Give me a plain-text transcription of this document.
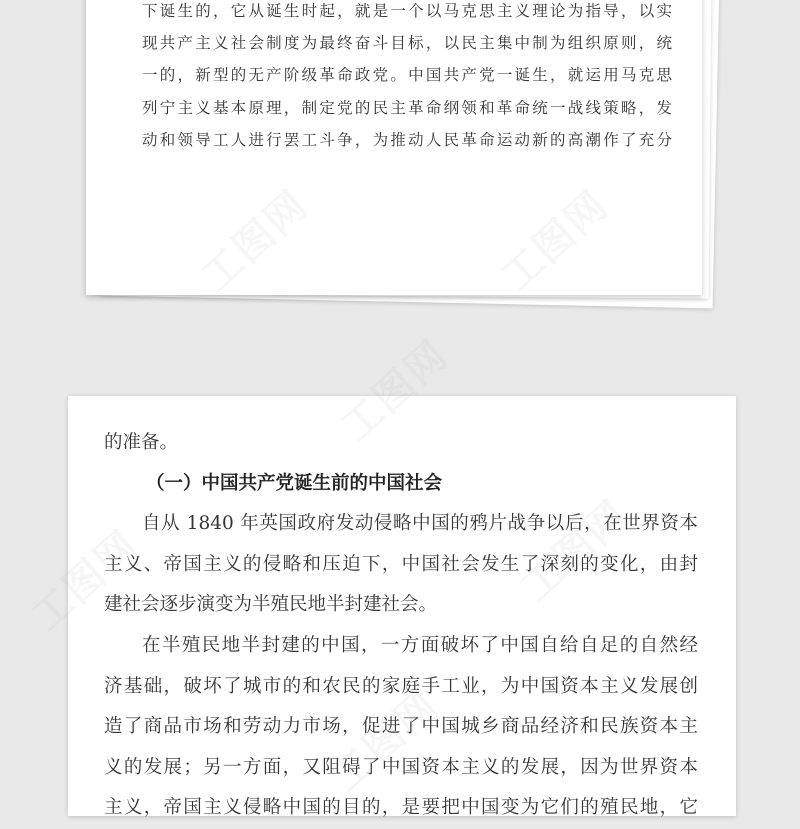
下诞生的，它从诞生时起，就是一个以马克思主义理论为指导，以实
现共产主义社会制度为最终奋斗目标，以民主集中制为组织原则，统
一的，新型的无产阶级革命政党。中国共产党一诞生，就运用马克思
列宁主义基本原理，制定党的民主革命纲领和革命统一战线策略，发
动和领导工人进行罢工斗争，为推动人民革命运动新的高潮作了充分
的准备。
（一）中国共产党诞生前的中国社会
自从 1840 年英国政府发动侵略中国的鸦片战争以后，在世界资本
主义、帝国主义的侵略和压迫下，中国社会发生了深刻的变化，由封
建社会逐步演变为半殖民地半封建社会。
在半殖民地半封建的中国，一方面破坏了中国自给自足的自然经
济基础，破坏了城市的和农民的家庭手工业，为中国资本主义发展创
造了商品市场和劳动力市场，促进了中国城乡商品经济和民族资本主
义的发展；另一方面，又阻碍了中国资本主义的发展，因为世界资本
主义，帝国主义侵略中国的目的，是要把中国变为它们的殖民地，它
工图网
